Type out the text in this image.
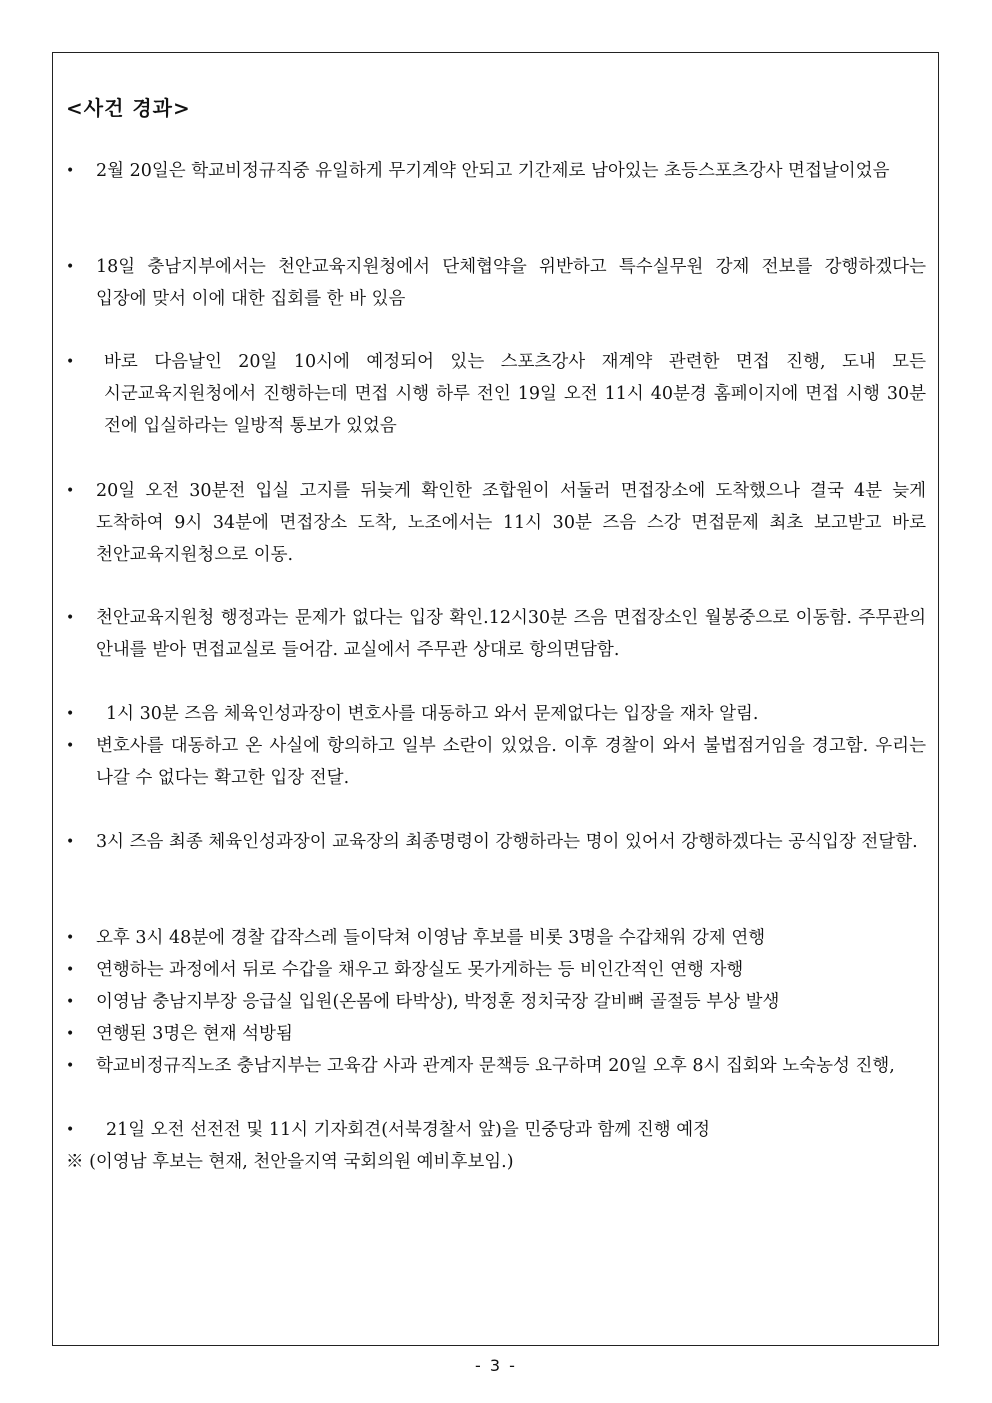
<사건 경과>
•	2월 20일은 학교비정규직중 유일하게 무기계약 안되고 기간제로 남아있는 초등스포츠강사 면접날이었음
•	18일 충남지부에서는 천안교육지원청에서 단체협약을 위반하고 특수실무원 강제 전보를 강행하겠다는 입장에 맞서 이에 대한 집회를 한 바 있음
•	바로 다음날인 20일 10시에 예정되어 있는 스포츠강사 재계약 관련한 면접 진행, 도내 모든 시군교육지원청에서 진행하는데 면접 시행 하루 전인 19일 오전 11시 40분경 홈페이지에 면접 시행 30분 전에 입실하라는 일방적 통보가 있었음
•	20일 오전 30분전 입실 고지를 뒤늦게 확인한 조합원이 서둘러 면접장소에 도착했으나 결국 4분 늦게 도착하여 9시 34분에 면접장소 도착, 노조에서는 11시 30분 즈음 스강 면접문제 최초 보고받고 바로 천안교육지원청으로 이동.
•	천안교육지원청 행정과는 문제가 없다는 입장 확인.12시30분 즈음 면접장소인 월봉중으로 이동함. 주무관의 안내를 받아 면접교실로 들어감. 교실에서 주무관 상대로 항의면담함.
•	1시 30분 즈음 체육인성과장이 변호사를 대동하고 와서 문제없다는 입장을 재차 알림.
•	변호사를 대동하고 온 사실에 항의하고 일부 소란이 있었음. 이후 경찰이 와서 불법점거임을 경고함. 우리는 나갈 수 없다는 확고한 입장 전달.
•	3시 즈음 최종 체육인성과장이 교육장의 최종명령이 강행하라는 명이 있어서 강행하겠다는 공식입장 전달함.
•	오후 3시 48분에 경찰 갑작스레 들이닥쳐 이영남 후보를 비롯 3명을 수갑채워 강제 연행
•	연행하는 과정에서 뒤로 수갑을 채우고 화장실도 못가게하는 등 비인간적인 연행 자행
•	이영남 충남지부장 응급실 입원(온몸에 타박상), 박정훈 정치국장 갈비뼈 골절등 부상 발생
•	연행된 3명은 현재 석방됨
•	학교비정규직노조 충남지부는 고육감 사과 관계자 문책등 요구하며 20일 오후 8시 집회와 노숙농성 진행,
•	21일 오전 선전전 및 11시 기자회견(서북경찰서 앞)을 민중당과 함께 진행 예정
※ (이영남 후보는 현재, 천안을지역 국회의원 예비후보임.)
- 3 -
